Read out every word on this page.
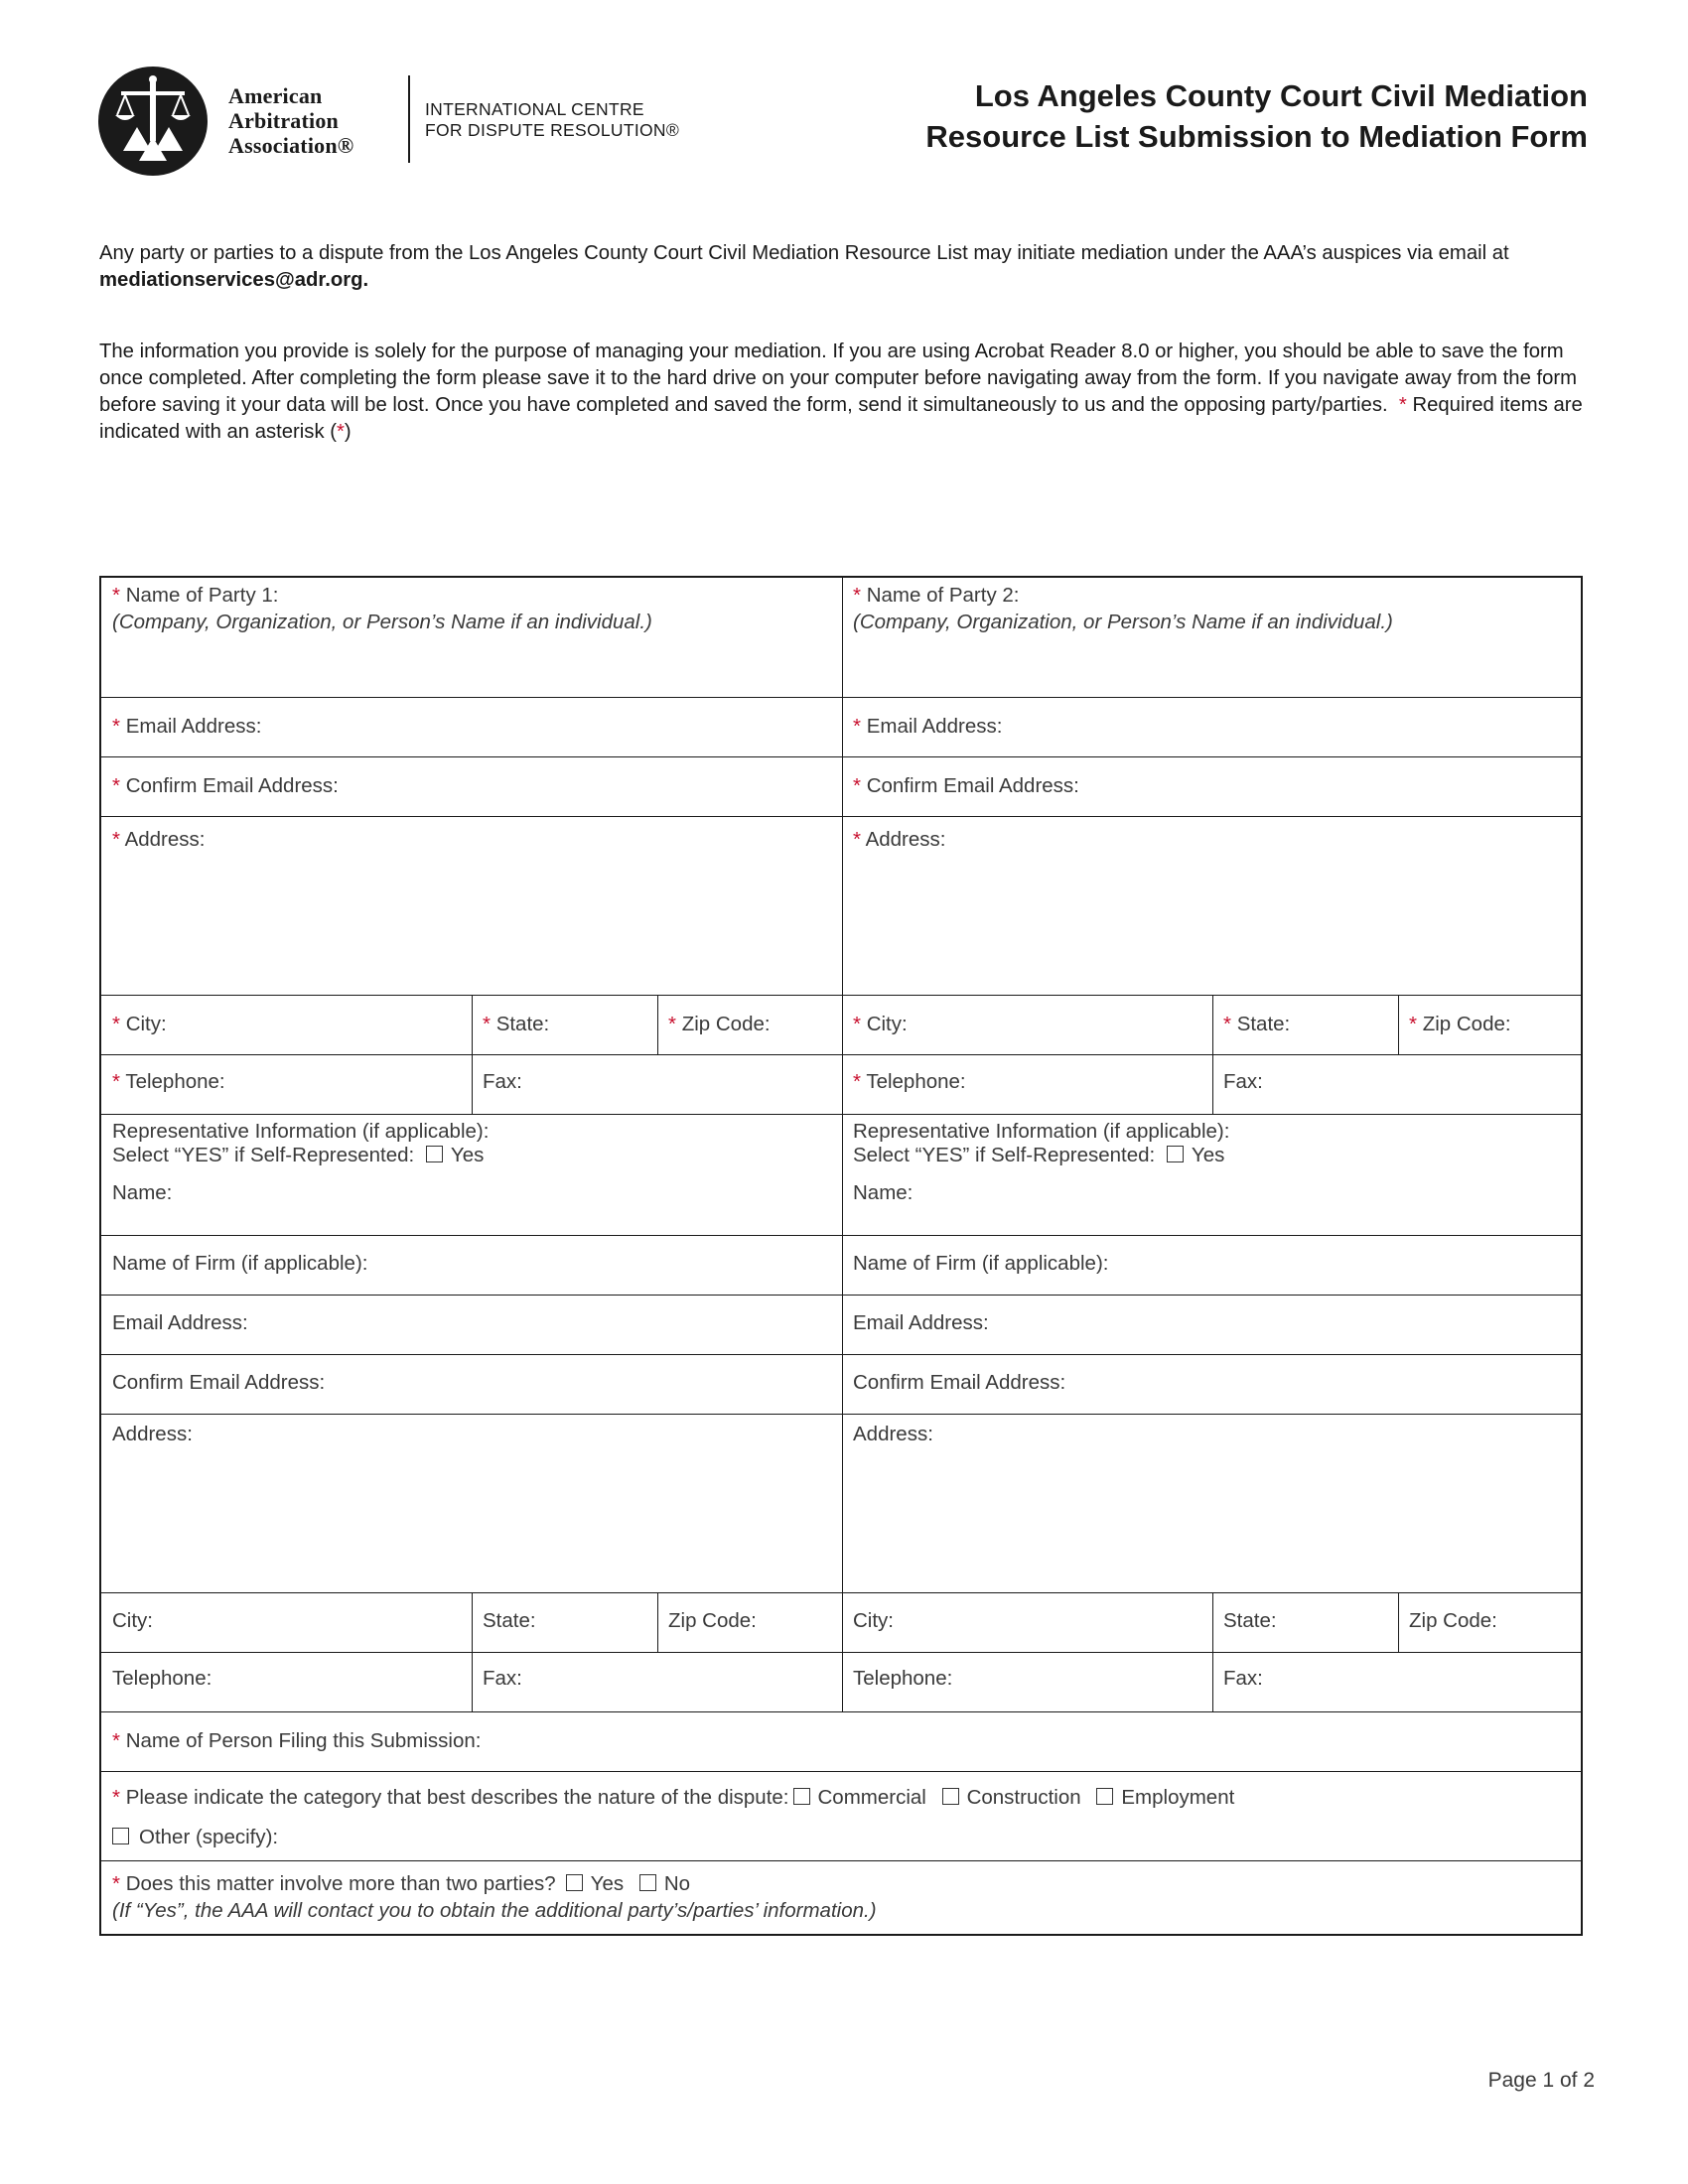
American
Arbitration
Association®
INTERNATIONAL CENTRE
FOR DISPUTE RESOLUTION®
Los Angeles County Court Civil Mediation
Resource List Submission to Mediation Form
Any party or parties to a dispute from the Los Angeles County Court Civil Mediation Resource List may initiate mediation under the AAA’s auspices via email at mediationservices@adr.org.
The information you provide is solely for the purpose of managing your mediation. If you are using Acrobat Reader 8.0 or higher, you should be able to save the form once completed. After completing the form please save it to the hard drive on your computer before navigating away from the form. If you navigate away from the form before saving it your data will be lost. Once you have completed and saved the form, send it simultaneously to us and the opposing party/parties. * Required items are indicated with an asterisk (*)
* Name of Party 1:
(Company, Organization, or Person’s Name if an individual.)
* Email Address:
* Confirm Email Address:
* Address:
* City:	* State:	* Zip Code:
* Telephone:	Fax:
Representative Information (if applicable):
Select “YES” if Self-Represented: Yes
Name:
Name of Firm (if applicable):
Email Address:
Confirm Email Address:
Address:
City:	State:	Zip Code:
Telephone:	Fax:
* Name of Party 2:
(Company, Organization, or Person’s Name if an individual.)
* Email Address:
* Confirm Email Address:
* Address:
* City:	* State:	* Zip Code:
* Telephone:	Fax:
Representative Information (if applicable):
Select “YES” if Self-Represented: Yes
Name:
Name of Firm (if applicable):
Email Address:
Confirm Email Address:
Address:
City:	State:	Zip Code:
Telephone:	Fax:
* Name of Person Filing this Submission:
* Please indicate the category that best describes the nature of the dispute: Commercial Construction Employment
Other (specify):
* Does this matter involve more than two parties? Yes No
(If “Yes”, the AAA will contact you to obtain the additional party’s/parties’ information.)
Page 1 of 2
